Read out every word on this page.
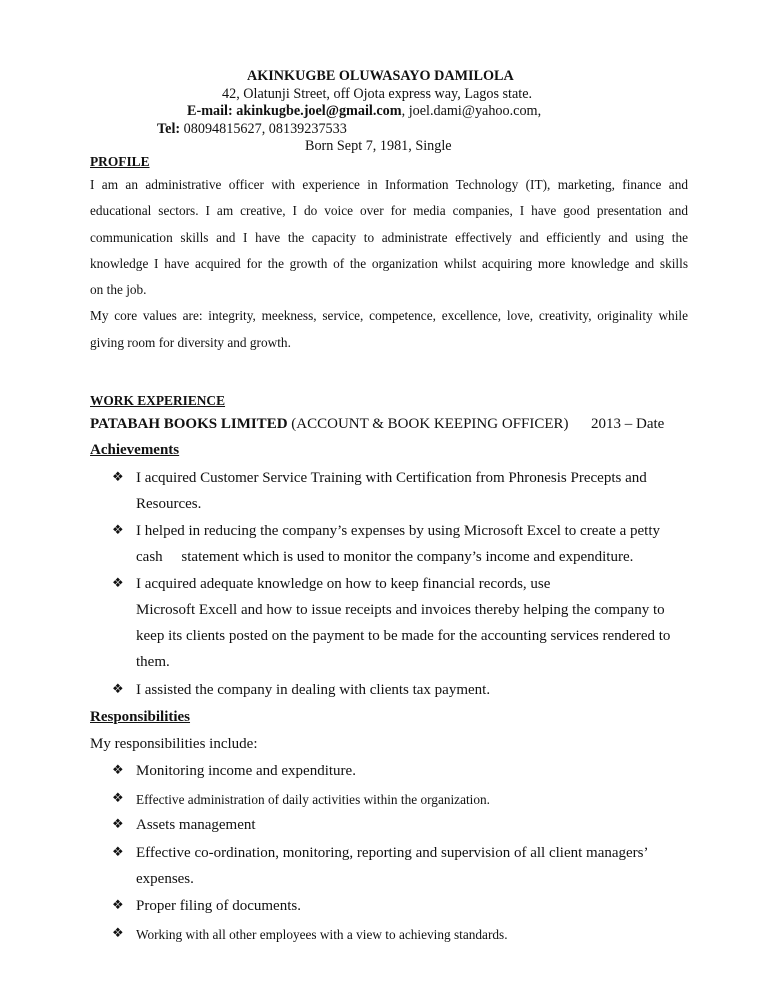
AKINKUGBE OLUWASAYO DAMILOLA
42, Olatunji Street, off Ojota express way, Lagos state.
E-mail: akinkugbe.joel@gmail.com, joel.dami@yahoo.com,
Tel: 08094815627, 08139237533
Born Sept 7, 1981, Single
PROFILE
I am an administrative officer with experience in Information Technology (IT), marketing, finance and
educational sectors. I am creative, I do voice over for media companies, I have good presentation and
communication skills and I have the capacity to administrate effectively and efficiently and using the
knowledge I have acquired for the growth of the organization whilst acquiring more knowledge and skills
on the job.
My core values are: integrity, meekness, service, competence, excellence, love, creativity, originality while
giving room for diversity and growth.
WORK EXPERIENCE
PATABAH BOOKS LIMITED (ACCOUNT & BOOK KEEPING OFFICER) 2013 – Date
Achievements
❖ I acquired Customer Service Training with Certification from Phronesis Precepts and
Resources.
❖ I helped in reducing the company’s expenses by using Microsoft Excel to create a petty
cash     statement which is used to monitor the company’s income and expenditure.
❖ I acquired adequate knowledge on how to keep financial records, use
Microsoft Excell and how to issue receipts and invoices thereby helping the company to
keep its clients posted on the payment to be made for the accounting services rendered to
them.
❖ I assisted the company in dealing with clients tax payment.
Responsibilities
My responsibilities include:
❖ Monitoring income and expenditure.
❖ Effective administration of daily activities within the organization.
❖ Assets management
❖ Effective co-ordination, monitoring, reporting and supervision of all client managers’
expenses.
❖ Proper filing of documents.
❖ Working with all other employees with a view to achieving standards.
